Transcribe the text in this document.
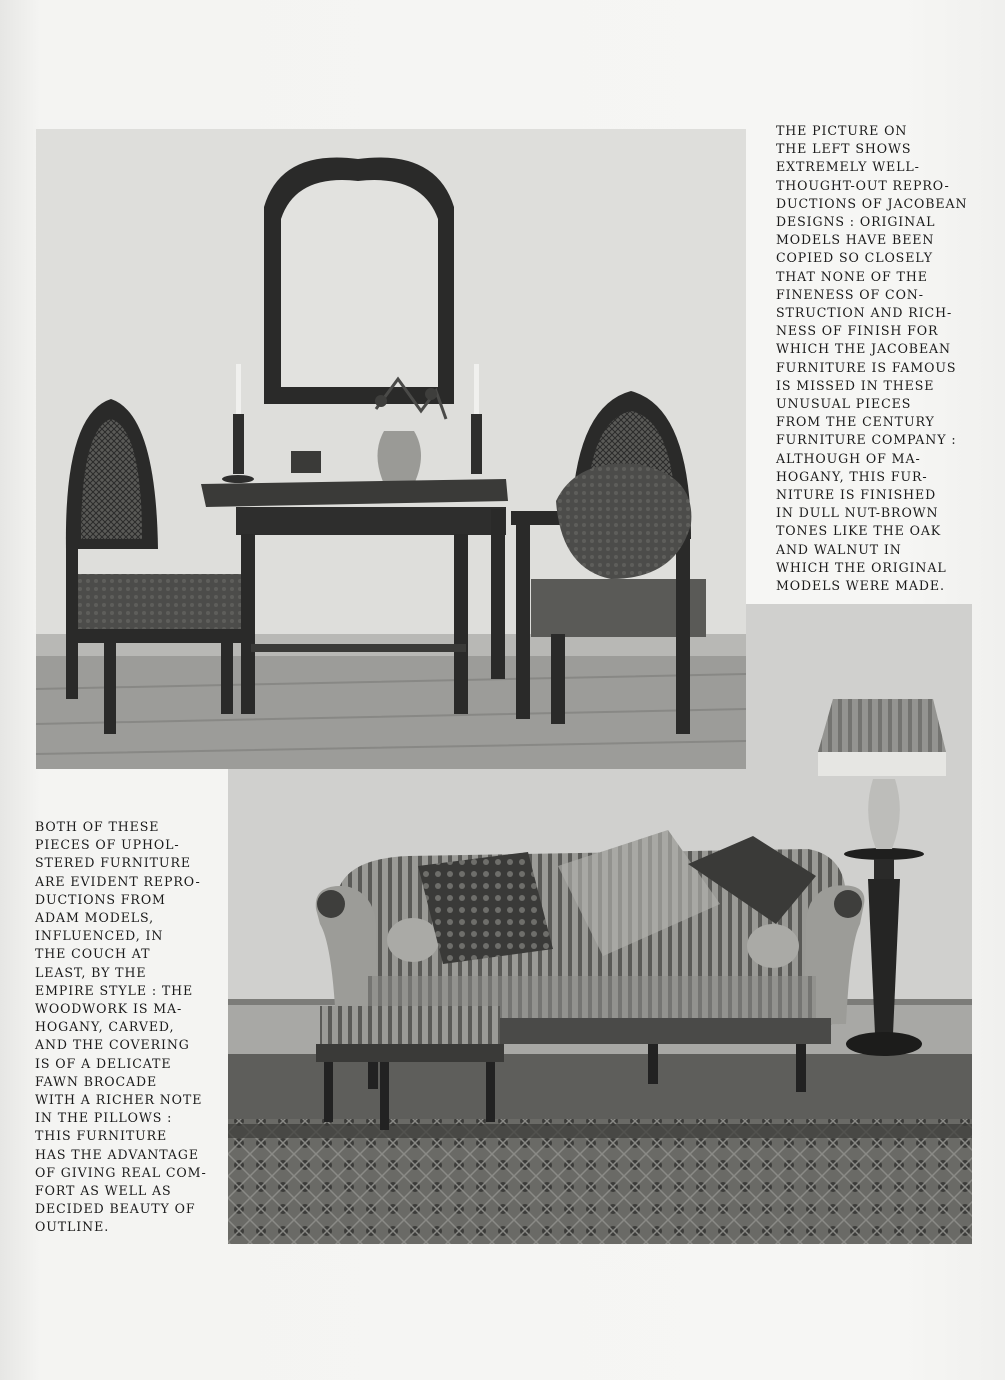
THE PICTURE ON
THE LEFT SHOWS
EXTREMELY WELL-
THOUGHT-OUT REPRO-
DUCTIONS OF JACOBEAN
DESIGNS : ORIGINAL
MODELS HAVE BEEN
COPIED SO CLOSELY
THAT NONE OF THE
FINENESS OF CON-
STRUCTION AND RICH-
NESS OF FINISH FOR
WHICH THE JACOBEAN
FURNITURE IS FAMOUS
IS MISSED IN THESE
UNUSUAL PIECES
FROM THE CENTURY
FURNITURE COMPANY :
ALTHOUGH OF MA-
HOGANY, THIS FUR-
NITURE IS FINISHED
IN DULL NUT-BROWN
TONES LIKE THE OAK
AND WALNUT IN
WHICH THE ORIGINAL
MODELS WERE MADE.
BOTH OF THESE
PIECES OF UPHOL-
STERED FURNITURE
ARE EVIDENT REPRO-
DUCTIONS FROM
ADAM MODELS,
INFLUENCED, IN
THE COUCH AT
LEAST, BY THE
EMPIRE STYLE : THE
WOODWORK IS MA-
HOGANY, CARVED,
AND THE COVERING
IS OF A DELICATE
FAWN BROCADE
WITH A RICHER NOTE
IN THE PILLOWS :
THIS FURNITURE
HAS THE ADVANTAGE
OF GIVING REAL COM-
FORT AS WELL AS
DECIDED BEAUTY OF
OUTLINE.
